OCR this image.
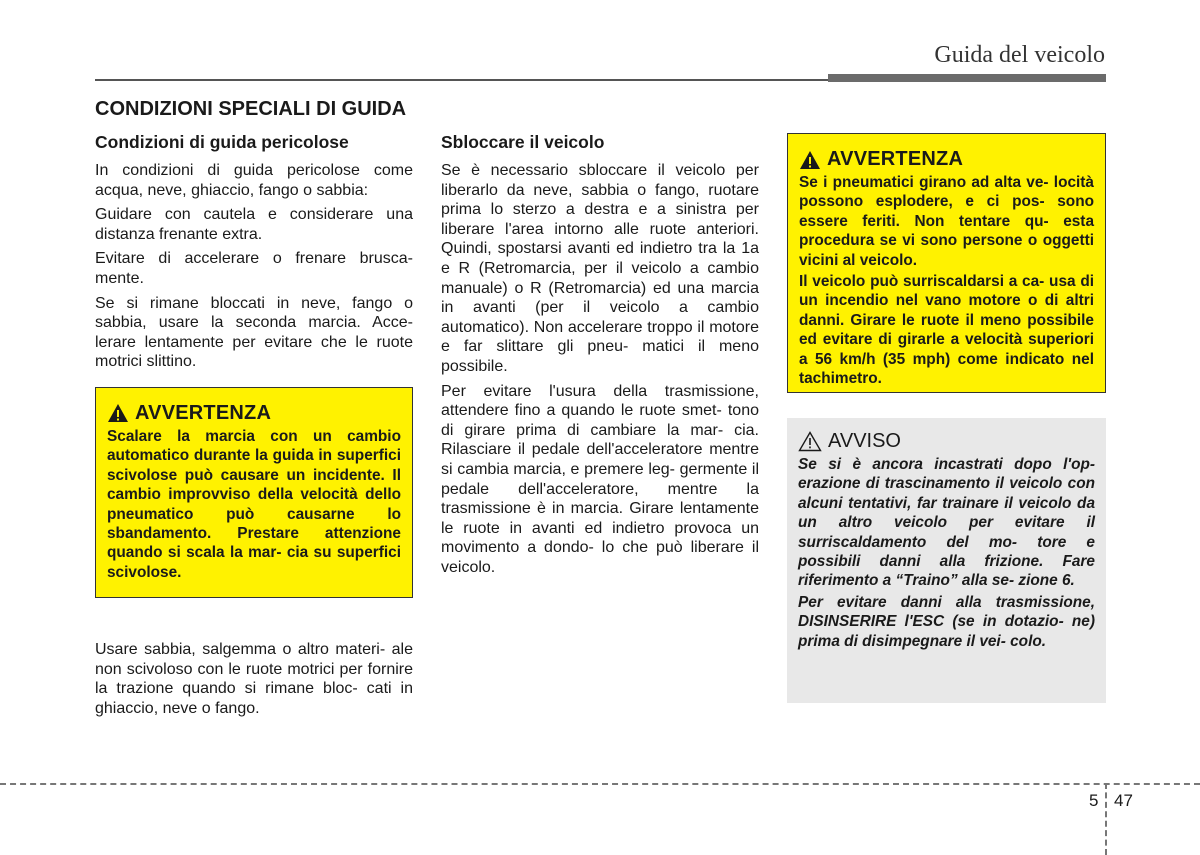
Guida del veicolo
CONDIZIONI SPECIALI DI GUIDA
Condizioni di guida pericolose

In condizioni di guida pericolose come acqua, neve, ghiaccio, fango o sabbia:

Guidare con cautela e considerare una distanza frenante extra.

Evitare di accelerare o frenare brusca- mente.

Se si rimane bloccati in neve, fango o sabbia, usare la seconda marcia. Acce- lerare lentamente per evitare che le ruote motrici slittino.

AVVERTENZA

Scalare la marcia con un cambio automatico durante la guida in superfici scivolose può causare un incidente. Il cambio improvviso della velocità dello pneumatico può causarne lo sbandamento. Prestare attenzione quando si scala la mar- cia su superfici scivolose.

Usare sabbia, salgemma o altro materi- ale non scivoloso con le ruote motrici per fornire la trazione quando si rimane bloc- cati in ghiaccio, neve o fango.

Sbloccare il veicolo

Se è necessario sbloccare il veicolo per liberarlo da neve, sabbia o fango, ruotare prima lo sterzo a destra e a sinistra per liberare l'area intorno alle ruote anteriori. Quindi, spostarsi avanti ed indietro tra la 1a e R (Retromarcia, per il veicolo a cambio manuale) o R (Retromarcia) ed una marcia in avanti (per il veicolo a cambio automatico). Non accelerare troppo il motore e far slittare gli pneu- matici il meno possibile.

Per evitare l'usura della trasmissione, attendere fino a quando le ruote smet- tono di girare prima di cambiare la mar- cia. Rilasciare il pedale dell'acceleratore mentre si cambia marcia, e premere leg- germente il pedale dell'acceleratore, mentre la trasmissione è in marcia. Girare lentamente le ruote in avanti ed indietro provoca un movimento a dondo- lo che può liberare il veicolo.

AVVERTENZA

Se i pneumatici girano ad alta ve- locità possono esplodere, e ci pos- sono essere feriti. Non tentare qu- esta procedura se vi sono persone o oggetti vicini al veicolo.

Il veicolo può surriscaldarsi a ca- usa di un incendio nel vano motore o di altri danni. Girare le ruote il meno possibile ed evitare di girarle a velocità superiori a 56 km/h (35 mph) come indicato nel tachimetro.

AVVISO

Se si è ancora incastrati dopo l'op- erazione di trascinamento il veicolo con alcuni tentativi, far trainare il veicolo da un altro veicolo per evitare il surriscaldamento del mo- tore e possibili danni alla frizione. Fare riferimento a “Traino” alla se- zione 6.

Per evitare danni alla trasmissione, DISINSERIRE l'ESC (se in dotazio- ne) prima di disimpegnare il vei- colo.

5 47
